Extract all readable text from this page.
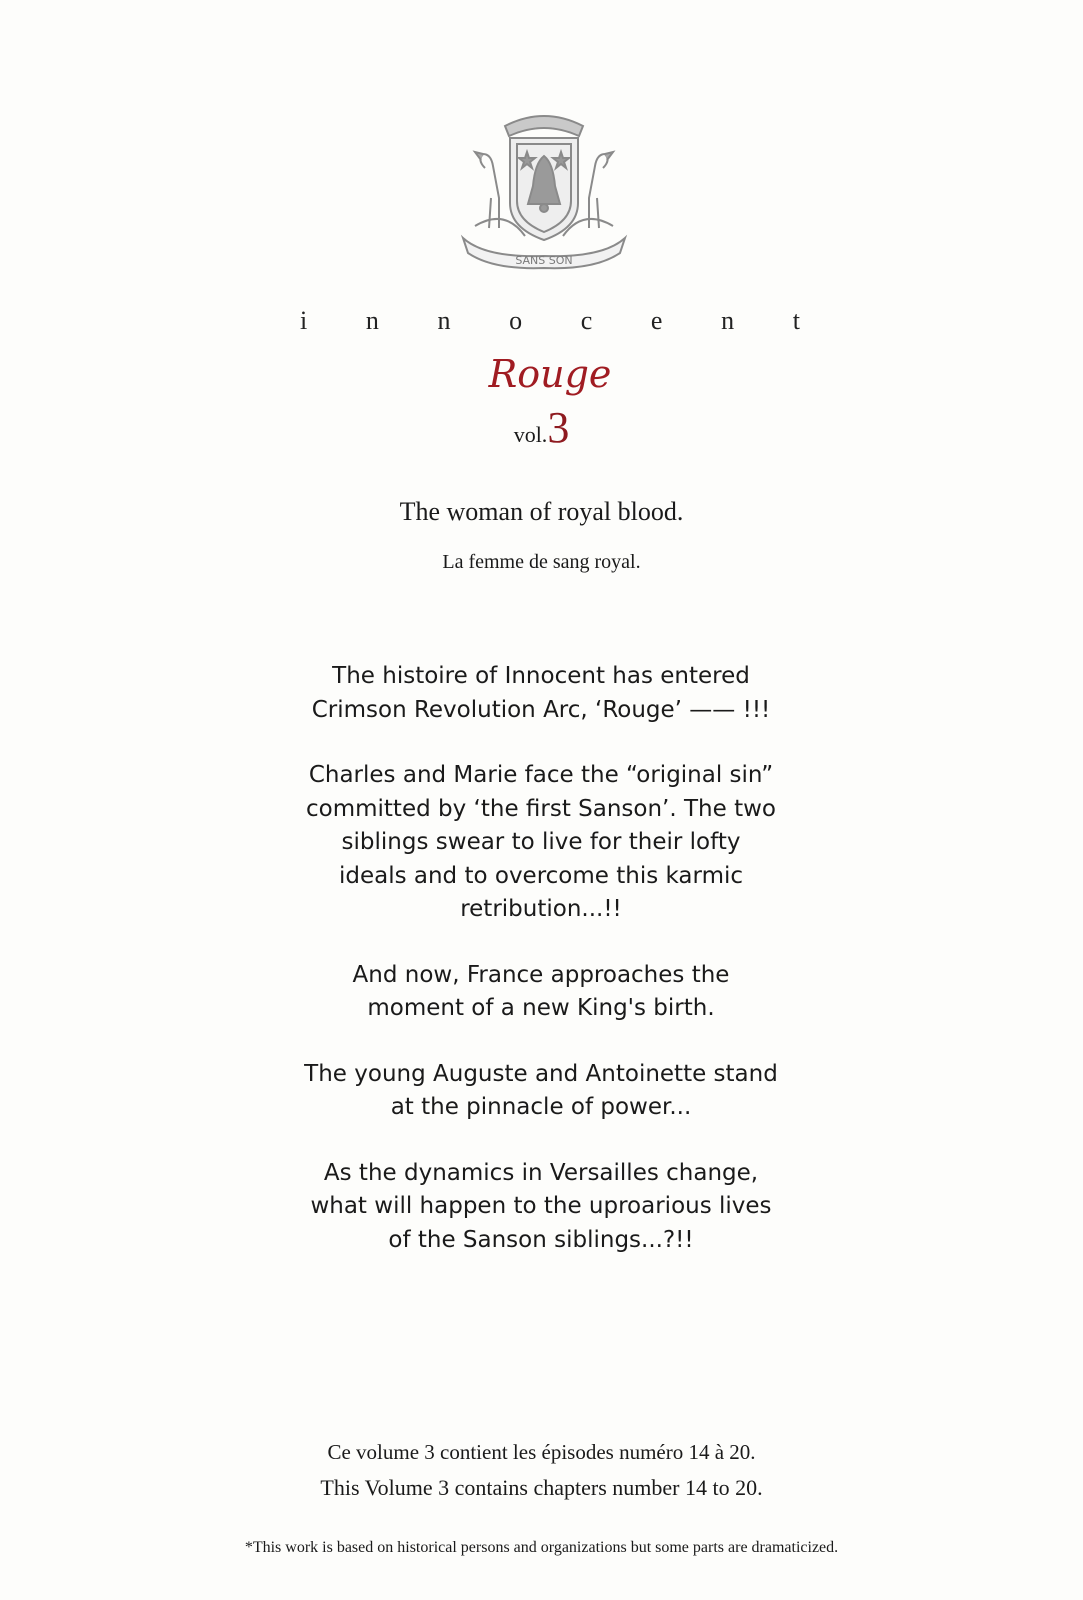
SANS SON
i n n o c e n t
Rouge
vol.3
The woman of royal blood.
La femme de sang royal.

The histoire of Innocent has entered
Crimson Revolution Arc, ‘Rouge’ —— !!!

Charles and Marie face the “original sin”
committed by ‘the first Sanson’. The two
siblings swear to live for their lofty
ideals and to overcome this karmic
retribution...!!

And now, France approaches the
moment of a new King's birth.

The young Auguste and Antoinette stand
at the pinnacle of power...

As the dynamics in Versailles change,
what will happen to the uproarious lives
of the Sanson siblings...?!!

Ce volume 3 contient les épisodes numéro 14 à 20.
This Volume 3 contains chapters number 14 to 20.
*This work is based on historical persons and organizations but some parts are dramaticized.
